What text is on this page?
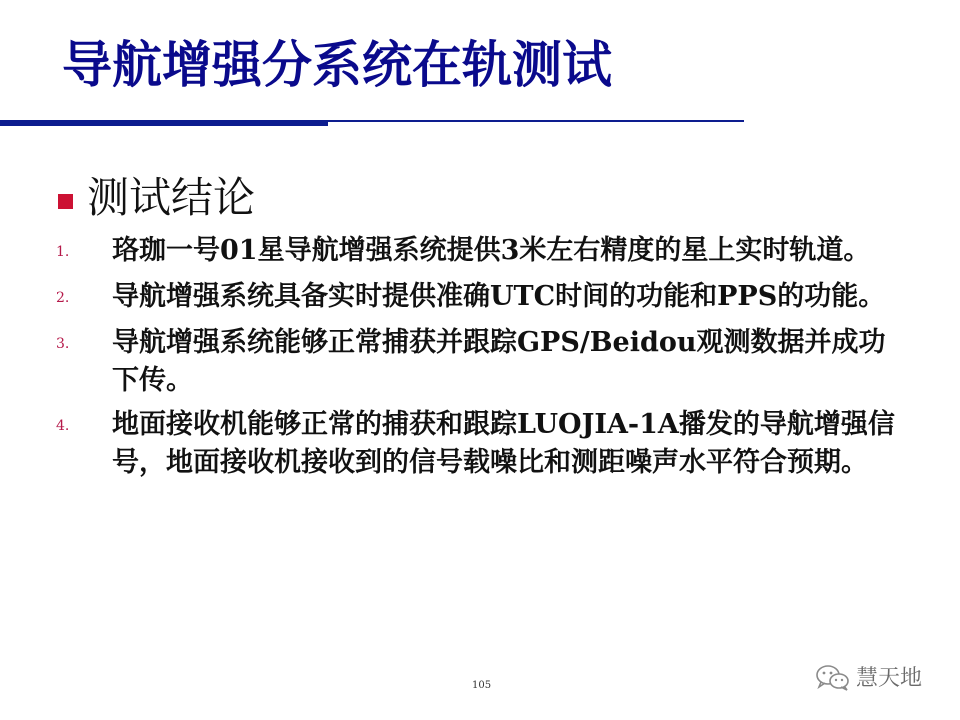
导航增强分系统在轨测试
测试结论
1.	珞珈一号01星导航增强系统提供3米左右精度的星上实时轨道。
2.	导航增强系统具备实时提供准确UTC时间的功能和PPS的功能。
3.	导航增强系统能够正常捕获并跟踪GPS/Beidou观测数据并成功下传。
4.	地面接收机能够正常的捕获和跟踪LUOJIA-1A播发的导航增强信号，地面接收机接收到的信号载噪比和测距噪声水平符合预期。
105	慧天地
